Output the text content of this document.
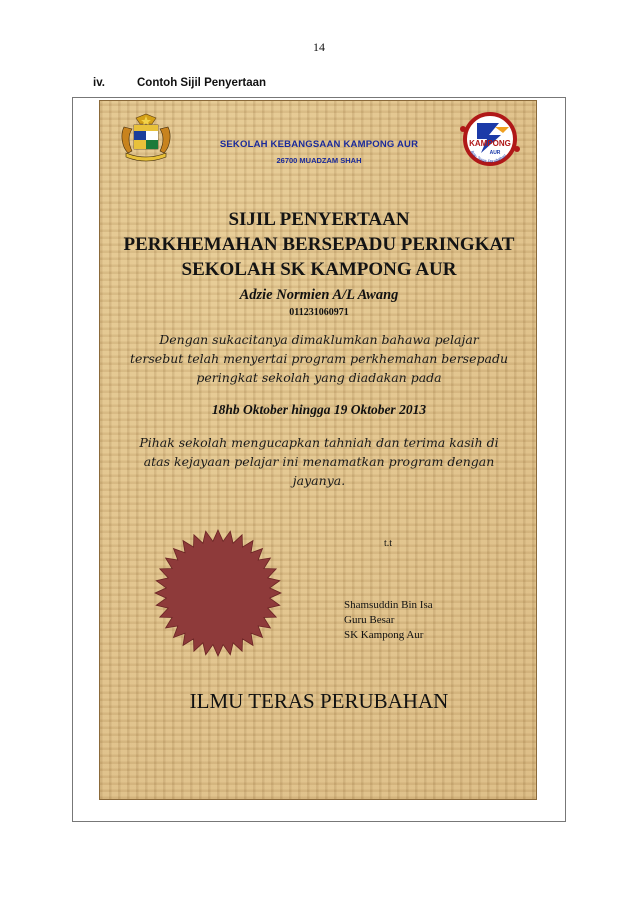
14
iv.	Contoh Sijil Penyertaan
KAMPONG
AUR
Ilmu Teras Perubahan
SEKOLAH KEBANGSAAN KAMPONG AUR
26700 MUADZAM SHAH
SIJIL PENYERTAAN
PERKHEMAHAN BERSEPADU PERINGKAT
SEKOLAH SK KAMPONG AUR
Adzie Normien A/L Awang
011231060971
Dengan sukacitanya dimaklumkan bahawa pelajar
tersebut telah menyertai program perkhemahan bersepadu
peringkat sekolah yang diadakan pada
18hb Oktober hingga 19 Oktober 2013
Pihak sekolah mengucapkan tahniah dan terima kasih di
atas kejayaan pelajar ini menamatkan program dengan
jayanya.
t.t
Shamsuddin Bin Isa
Guru Besar
SK Kampong Aur
ILMU TERAS PERUBAHAN
